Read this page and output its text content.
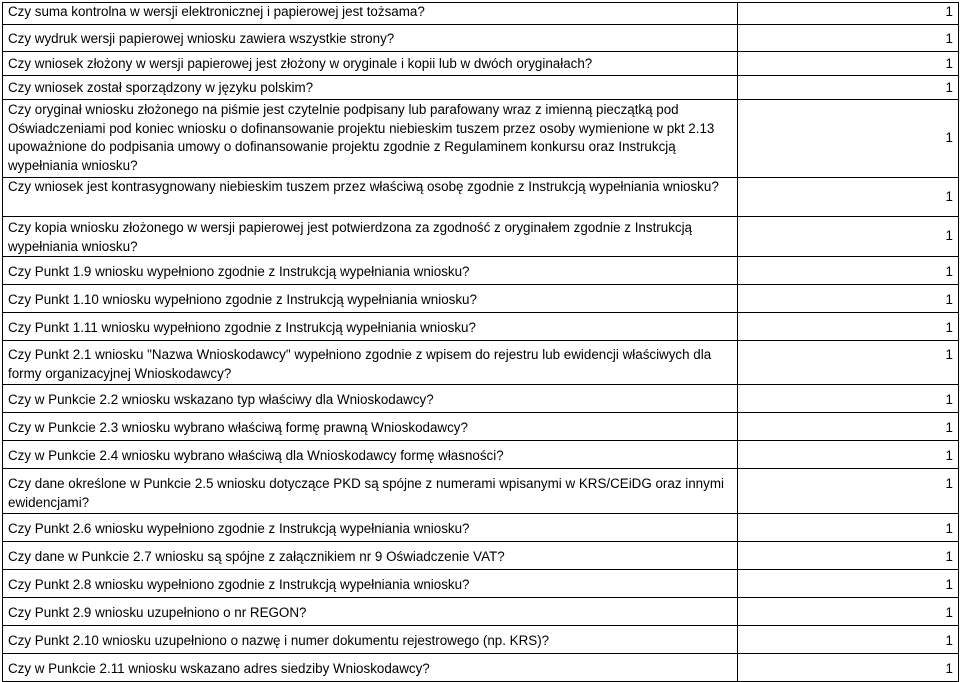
Czy suma kontrolna w wersji elektronicznej i papierowej jest tożsama?	1
Czy wydruk wersji papierowej wniosku zawiera wszystkie strony?	1
Czy wniosek złożony w wersji papierowej jest złożony w oryginale i kopii lub w dwóch oryginałach?	1
Czy wniosek został sporządzony w języku polskim?	1
Czy oryginał wniosku złożonego na piśmie jest czytelnie podpisany lub parafowany wraz z imienną pieczątką pod Oświadczeniami pod koniec wniosku o dofinansowanie projektu niebieskim tuszem przez osoby wymienione w pkt 2.13 upoważnione do podpisania umowy o dofinansowanie projektu zgodnie z Regulaminem konkursu oraz Instrukcją wypełniania wniosku?	1
Czy wniosek jest kontrasygnowany niebieskim tuszem przez właściwą osobę zgodnie z Instrukcją wypełniania wniosku?	1
Czy kopia wniosku złożonego w wersji papierowej jest potwierdzona za zgodność z oryginałem zgodnie z Instrukcją wypełniania wniosku?	1
Czy Punkt 1.9 wniosku wypełniono zgodnie z Instrukcją wypełniania wniosku?	1
Czy Punkt 1.10 wniosku wypełniono zgodnie z Instrukcją wypełniania wniosku?	1
Czy Punkt 1.11 wniosku wypełniono zgodnie z Instrukcją wypełniania wniosku?	1
Czy Punkt 2.1 wniosku "Nazwa Wnioskodawcy" wypełniono zgodnie z wpisem do rejestru lub ewidencji właściwych dla formy organizacyjnej Wnioskodawcy?	1
Czy w Punkcie 2.2 wniosku wskazano typ właściwy dla Wnioskodawcy?	1
Czy w Punkcie 2.3 wniosku wybrano właściwą formę prawną Wnioskodawcy?	1
Czy w Punkcie 2.4 wniosku wybrano właściwą dla Wnioskodawcy formę własności?	1
Czy dane określone w Punkcie 2.5 wniosku dotyczące PKD są spójne z numerami wpisanymi w KRS/CEiDG oraz innymi ewidencjami?	1
Czy Punkt 2.6 wniosku wypełniono zgodnie z Instrukcją wypełniania wniosku?	1
Czy dane w Punkcie 2.7 wniosku są spójne z załącznikiem nr 9 Oświadczenie VAT?	1
Czy Punkt 2.8 wniosku wypełniono zgodnie z Instrukcją wypełniania wniosku?	1
Czy Punkt 2.9 wniosku uzupełniono o nr REGON?	1
Czy Punkt 2.10 wniosku uzupełniono o nazwę i numer dokumentu rejestrowego (np. KRS)?	1
Czy w Punkcie 2.11 wniosku wskazano adres siedziby Wnioskodawcy?	1
